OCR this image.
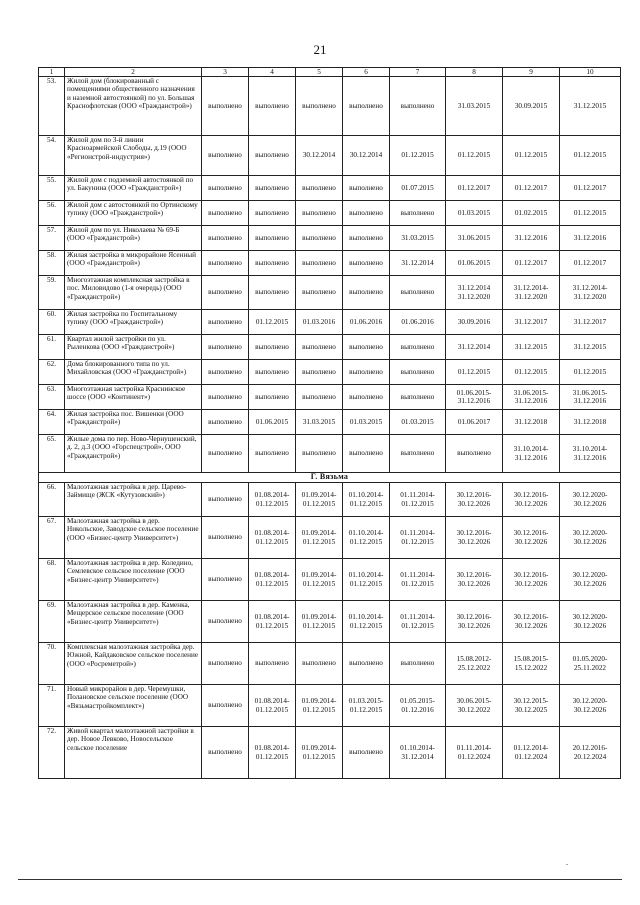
21
1	2	3	4	5	6	7	8	9	10
53.	Жилой дом (блокированный с помещениями общественного назначения и наземной автостоянкой) по ул. Большая Краснофлотская (ООО «Гражданстрой»)	выполнено	выполнено	выполнено	выполнено	выполнено	31.03.2015	30.09.2015	31.12.2015
54.	Жилой дом по 3-й линии Красноармейской Слободы, д.19 (ООО «Регионстрой-индустрия»)	выполнено	выполнено	30.12.2014	30.12.2014	01.12.2015	01.12.2015	01.12.2015	01.12.2015
55.	Жилой дом с подземной автостоянкой по ул. Бакунина (ООО «Гражданстрой»)	выполнено	выполнено	выполнено	выполнено	01.07.2015	01.12.2017	01.12.2017	01.12.2017
56.	Жилой дом с автостоянкой по Ортинскому тупику (ООО «Гражданстрой»)	выполнено	выполнено	выполнено	выполнено	выполнено	01.03.2015	01.02.2015	01.12.2015
57.	Жилой дом по ул. Николаева № 69-Б (ООО «Гражданстрой»)	выполнено	выполнено	выполнено	выполнено	31.03.2015	31.06.2015	31.12.2016	31.12.2016
58.	Жилая застройка в микрорайоне Ясенный (ООО «Гражданстрой»)	выполнено	выполнено	выполнено	выполнено	31.12.2014	01.06.2015	01.12.2017	01.12.2017
59.	Многоэтажная комплексная застройка в пос. Миловидово (1-я очередь) (ООО «Гражданстрой»)	выполнено	выполнено	выполнено	выполнено	выполнено	31.12.2014
31.12.2020	31.12.2014-
31.12.2020	31.12.2014-
31.12.2020
60.	Жилая застройка по Госпитальному тупику (ООО «Гражданстрой»)	выполнено	01.12.2015	01.03.2016	01.06.2016	01.06.2016	30.09.2016	31.12.2017	31.12.2017
61.	Квартал жилой застройки по ул. Рыленкова (ООО «Гражданстрой»)	выполнено	выполнено	выполнено	выполнено	выполнено	31.12.2014	31.12.2015	31.12.2015
62.	Дома блокированного типа по ул. Михайловская (ООО «Гражданстрой»)	выполнено	выполнено	выполнено	выполнено	выполнено	01.12.2015	01.12.2015	01.12.2015
63.	Многоэтажная застройка Краснинское шоссе (ООО «Континент»)	выполнено	выполнено	выполнено	выполнено	выполнено	01.06.2015-
31.12.2016	31.06.2015-
31.12.2016	31.06.2015-
31.12.2016
64.	Жилая застройка пос. Вишенки (ООО «Гражданстрой»)	выполнено	01.06.2015	31.03.2015	01.03.2015	01.03.2015	01.06.2017	31.12.2018	31.12.2018
65.	Жилые дома по пер. Ново-Чернушенский, д. 2, д.3 (ООО «Горспецстрой», ООО «Гражданстрой»)	выполнено	выполнено	выполнено	выполнено	выполнено	выполнено	31.10.2014-
31.12.2016	31.10.2014-
31.12.2016
Г. Вязьма									
66.	Малоэтажная застройка в дер. Царево-Займище (ЖСК «Кутузовский»)	выполнено	01.08.2014-
01.12.2015	01.09.2014-
01.12.2015	01.10.2014-
01.12.2015	01.11.2014-
01.12.2015	30.12.2016-
30.12.2026	30.12.2016-
30.12.2026	30.12.2020-
30.12.2026
67.	Малоэтажная застройка в дер. Никольское, Заводское сельское поселение (ООО «Бизнес-центр Университет»)	выполнено	01.08.2014-
01.12.2015	01.09.2014-
01.12.2015	01.10.2014-
01.12.2015	01.11.2014-
01.12.2015	30.12.2016-
30.12.2026	30.12.2016-
30.12.2026	30.12.2020-
30.12.2026
68.	Малоэтажная застройка в дер. Коледино, Семлевское сельское поселение (ООО «Бизнес-центр Университет»)	выполнено	01.08.2014-
01.12.2015	01.09.2014-
01.12.2015	01.10.2014-
01.12.2015	01.11.2014-
01.12.2015	30.12.2016-
30.12.2026	30.12.2016-
30.12.2026	30.12.2020-
30.12.2026
69.	Малоэтажная застройка в дер. Каменка, Мещерское сельское поселение (ООО «Бизнес-центр Университет»)	выполнено	01.08.2014-
01.12.2015	01.09.2014-
01.12.2015	01.10.2014-
01.12.2015	01.11.2014-
01.12.2015	30.12.2016-
30.12.2026	30.12.2016-
30.12.2026	30.12.2020-
30.12.2026
70.	Комплексная малоэтажная застройка дер. Южной, Кайдаковское сельское поселение (ООО «Росреметрой»)	выполнено	выполнено	выполнено	выполнено	выполнено	15.08.2012-
25.12.2022	15.08.2015-
15.12.2022	01.05.2020-
25.11.2022
71.	Новый микрорайон в дер. Черемушки, Полановское сельское поселение (ООО «Вязьмастройкомплект»)	выполнено	01.08.2014-
01.12.2015	01.09.2014-
01.12.2015	01.03.2015-
01.12.2015	01.05.2015-
01.12.2016	30.06.2015-
30.12.2022	30.12.2015-
30.12.2025	30.12.2020-
30.12.2026
72.	Живой квартал малоэтажной застройки в дер. Новое Левково, Новосельское сельское поселение	выполнено	01.08.2014-
01.12.2015	01.09.2014-
01.12.2015	выполнено	01.10.2014-
31.12.2014	01.11.2014-
01.12.2024	01.12.2014-
01.12.2024	20.12.2016-
20.12.2024
.
